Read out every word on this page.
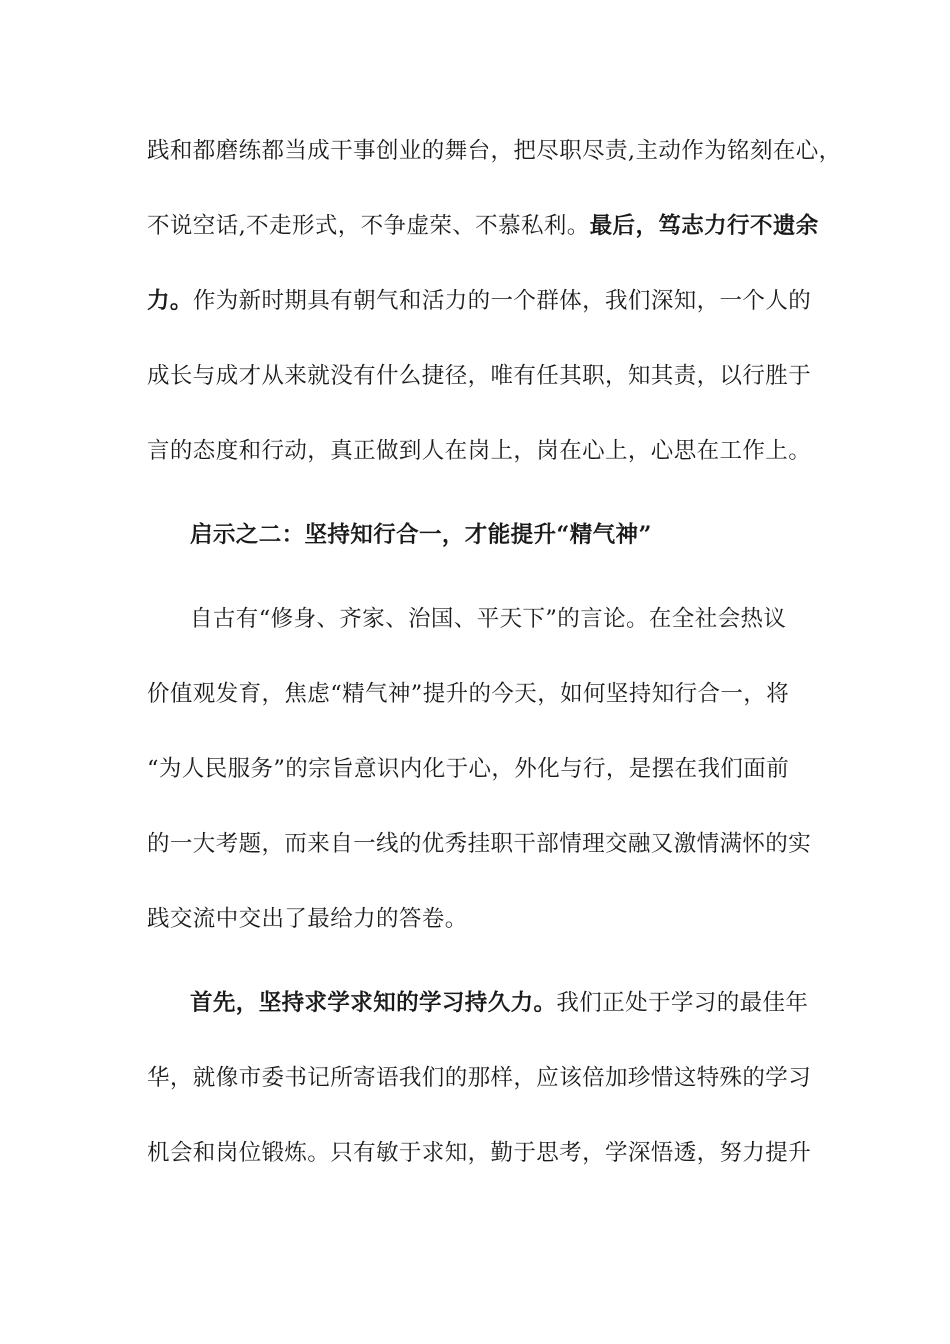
践和都磨练都当成干事创业的舞台，把尽职尽责,主动作为铭刻在心，
不说空话,不走形式，不争虚荣、不慕私利。最后，笃志力行不遗余
力。作为新时期具有朝气和活力的一个群体，我们深知，一个人的
成长与成才从来就没有什么捷径，唯有任其职，知其责，以行胜于
言的态度和行动，真正做到人在岗上，岗在心上，心思在工作上。
启示之二：坚持知行合一，才能提升“精气神”
自古有“修身、齐家、治国、平天下”的言论。在全社会热议
价值观发育，焦虑“精气神”提升的今天，如何坚持知行合一，将
“为人民服务”的宗旨意识内化于心，外化与行，是摆在我们面前
的一大考题，而来自一线的优秀挂职干部情理交融又激情满怀的实
践交流中交出了最给力的答卷。
首先，坚持求学求知的学习持久力。我们正处于学习的最佳年
华，就像市委书记所寄语我们的那样，应该倍加珍惜这特殊的学习
机会和岗位锻炼。只有敏于求知，勤于思考，学深悟透，努力提升
